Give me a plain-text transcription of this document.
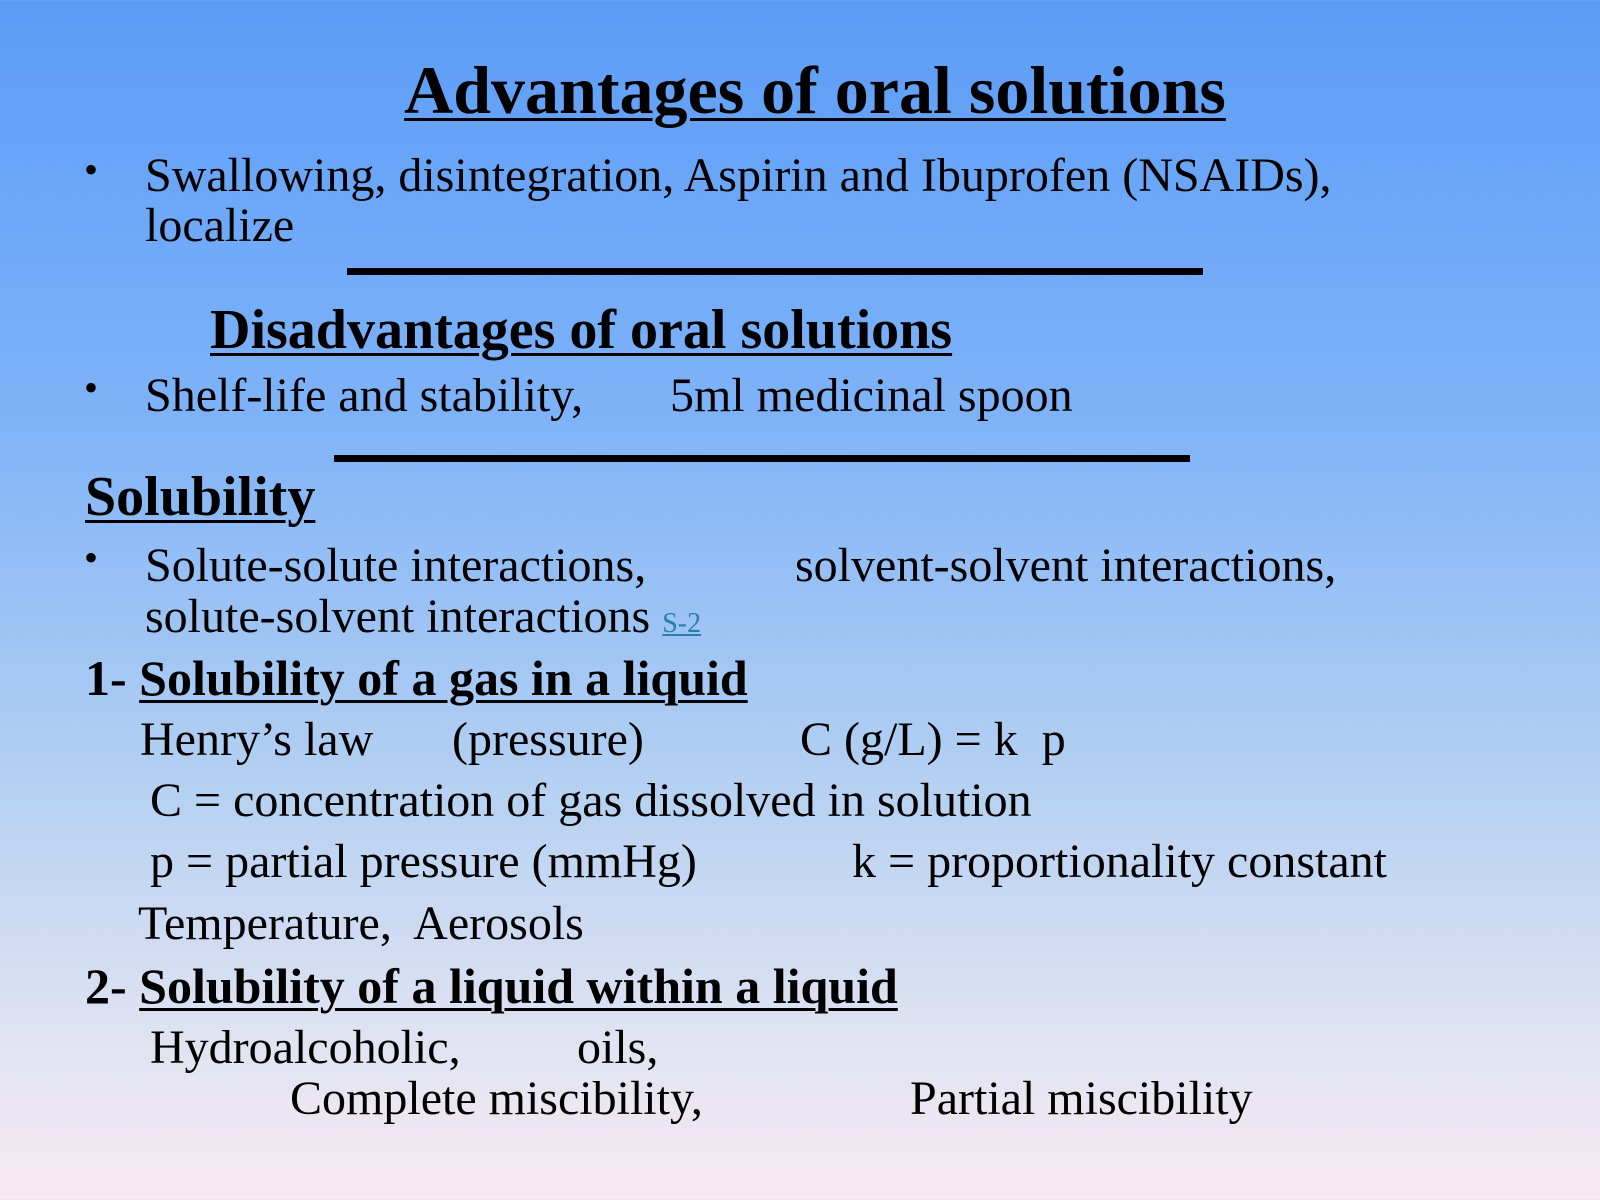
Advantages of oral solutions
• Swallowing, disintegration, Aspirin and Ibuprofen (NSAIDs),
localize
Disadvantages of oral solutions
• Shelf-life and stability, 5ml medicinal spoon
Solubility
• Solute-solute interactions,	solvent-solvent interactions,
solute-solvent interactions S-2
1- Solubility of a gas in a liquid
Henry’s law (pressure)	C (g/L) = k  p
C = concentration of gas dissolved in solution
p = partial pressure (mmHg)	k = proportionality constant
Temperature,  Aerosols
2- Solubility of a liquid within a liquid
Hydroalcoholic, oils,
Complete miscibility,	Partial miscibility
